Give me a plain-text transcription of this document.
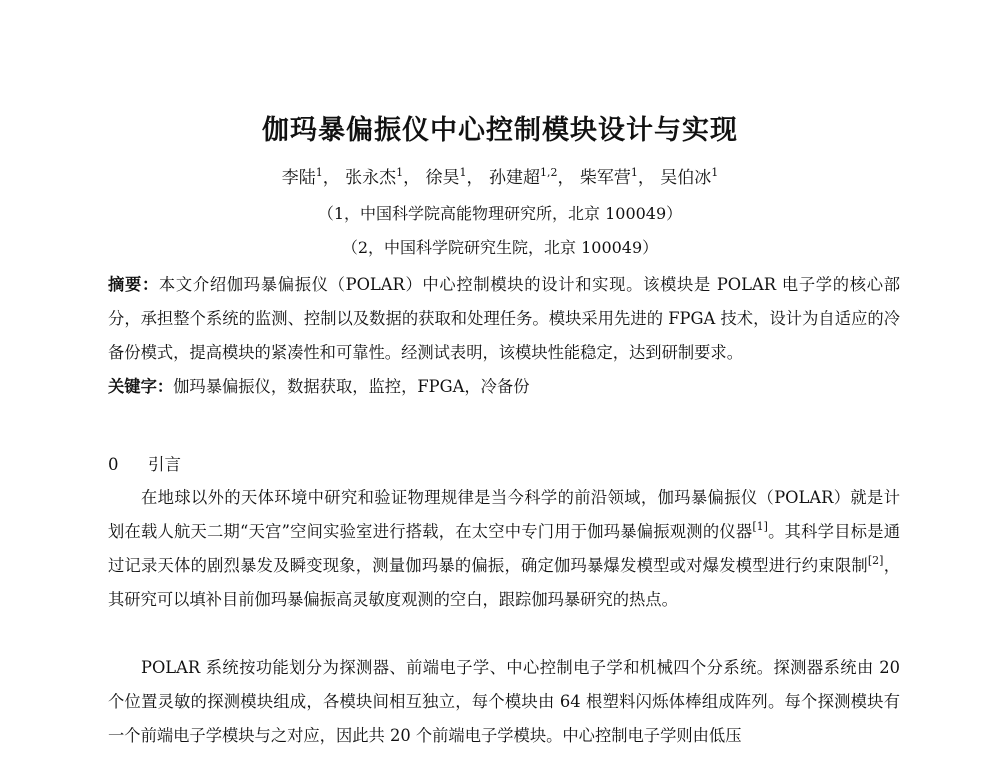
伽玛暴偏振仪中心控制模块设计与实现
李陆$^1$， 张永杰$^1$， 徐昊$^1$， 孙建超$^{1,2}$， 柴军营$^1$， 吴伯冰$^1$
（1，中国科学院高能物理研究所，北京 100049）
（2，中国科学院研究生院，北京 100049）
摘要：本文介绍伽玛暴偏振仪（POLAR）中心控制模块的设计和实现。该模块是 POLAR 电子学的核心部分，承担整个系统的监测、控制以及数据的获取和处理任务。模块采用先进的 FPGA 技术，设计为自适应的冷备份模式，提高模块的紧凑性和可靠性。经测试表明，该模块性能稳定，达到研制要求。
关键字：伽玛暴偏振仪，数据获取，监控，FPGA，冷备份
0 引言
在地球以外的天体环境中研究和验证物理规律是当今科学的前沿领域，伽玛暴偏振仪（POLAR）就是计划在载人航天二期“天宫”空间实验室进行搭载，在太空中专门用于伽玛暴偏振观测的仪器[1]。其科学目标是通过记录天体的剧烈暴发及瞬变现象，测量伽玛暴的偏振，确定伽玛暴爆发模型或对爆发模型进行约束限制[2]，其研究可以填补目前伽玛暴偏振高灵敏度观测的空白，跟踪伽玛暴研究的热点。
POLAR 系统按功能划分为探测器、前端电子学、中心控制电子学和机械四个分系统。探测器系统由 20 个位置灵敏的探测模块组成，各模块间相互独立，每个模块由 64 根塑料闪烁体棒组成阵列。每个探测模块有一个前端电子学模块与之对应，因此共 20 个前端电子学模块。中心控制电子学则由低压
